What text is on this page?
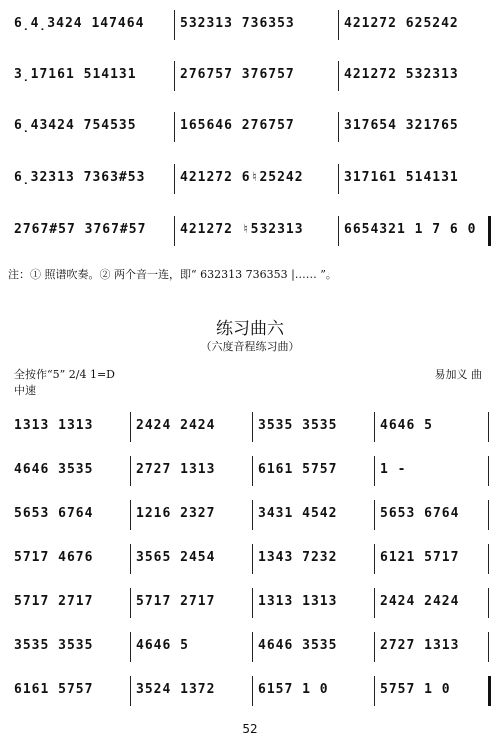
6̣4̣3424 147464	532313 736353	421272 625242
3̣17161 514131	276757 376757	421272 532313
6̣43424 754535	165646 276757	317654 321765
6̣32313 7363#53	421272 6♮25242	317161 514131
2767#57 3767#57	421272 ♮532313	6654321 1 7 6 0
注：① 照谱吹奏。② 两个音一连，即“ 632313 736353 |…… ”。
练习曲六
（六度音程练习曲）
全按作“5” 2/4 1=D
中速
易加义 曲
1313 1313	2424 2424	3535 3535	4646 5
4646 3535	2727 1313	6161 5757	1 -
5653 6764	1216 2327	3431 4542	5653 6764
5717 4676	3565 2454	1343 7232	6121 5717
5717 2717	5717 2717	1313 1313	2424 2424
3535 3535	4646 5	4646 3535	2727 1313
6161 5757	3524 1372	6157 1 0	5757 1 0
52
